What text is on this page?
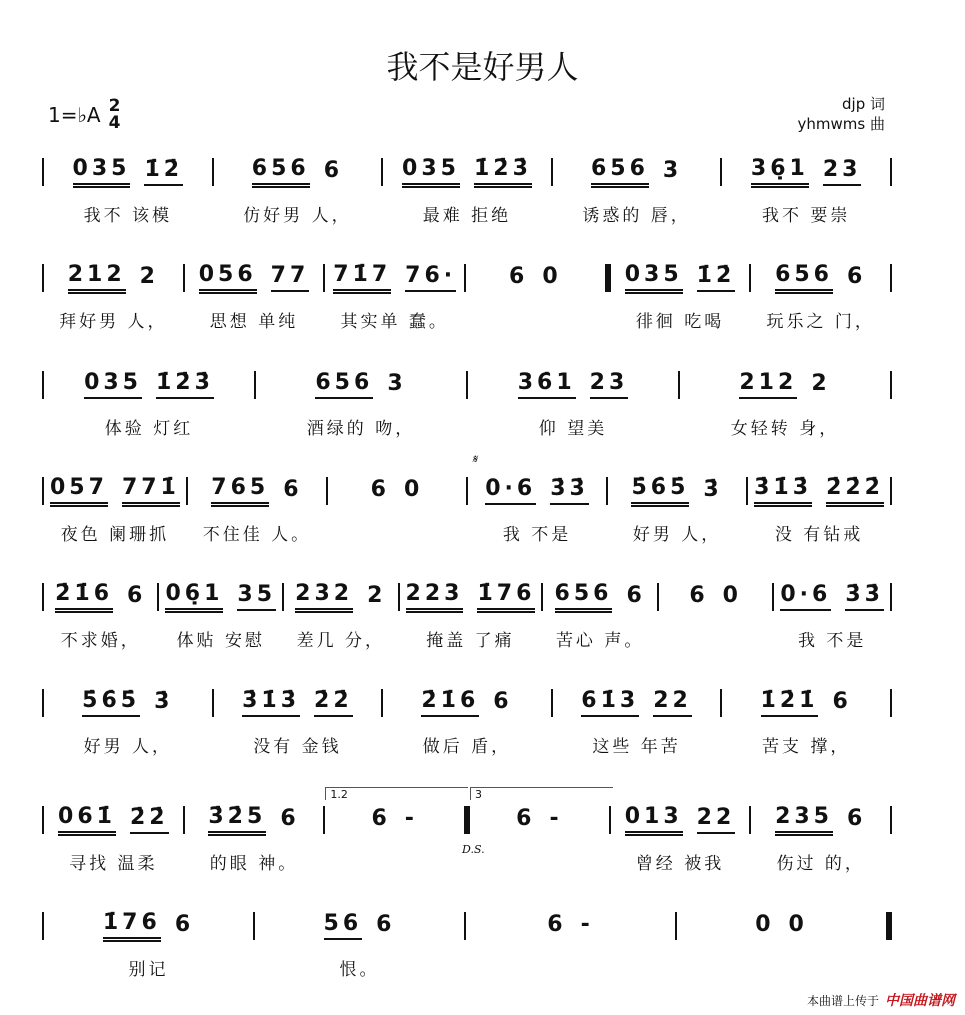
我不是好男人
1=♭A 2
4
djp 词
yhmwms 曲
035 1̇2̇
我不 该模
656 6
仿好男 人，
035 1̇2̇3̇
最难 拒绝
656 3
诱惑的 唇，
36̣1 23
我不 要崇
212 2
拜好男 人，
056 77
思想 单纯
71̇7 76·
其实单 蠢。
6 0	035 1̇2̇
徘徊 吃喝
656 6
玩乐之 门，
035 1̇2̇3̇
体验 灯红
656 3
酒绿的 吻，
36̇1 23
仰 望美
212 2
女轻转 身，
057 771̇
夜色 阑珊抓
765 6
不住佳 人。
6 0
𝄋
0·6 3̇3̇
我 不是
5̇6̇5̇ 3̇
好男 人，
3̇1̇3̇ 2̇2̇2̇
没 有钻戒
2̇1̇6 6
不求婚，
06̣1 35
体贴 安慰
232 2
差几 分，
223 1̇76
掩盖 了痛
656 6
苦心 声。
6 0 0·6 3̇3̇
我 不是
5̇6̇5̇ 3̇
好男 人，
3̇1̇3̇ 2̇2̇
没有 金钱
2̇1̇6 6
做后 盾，
61̇3 22
这些 年苦
1̇2̇1̇ 6
苦支 撑，
061̇ 2̇2̇
寻找 温柔
3̇2̇5 6
的眼 神。
1.2
6 -
3
D.S.
6 -	013 22
曾经 被我
235 6
伤过 的，
1̇76 6
别记
56 6
恨。
6 -	0 0
本曲谱上传于 中国曲谱网
